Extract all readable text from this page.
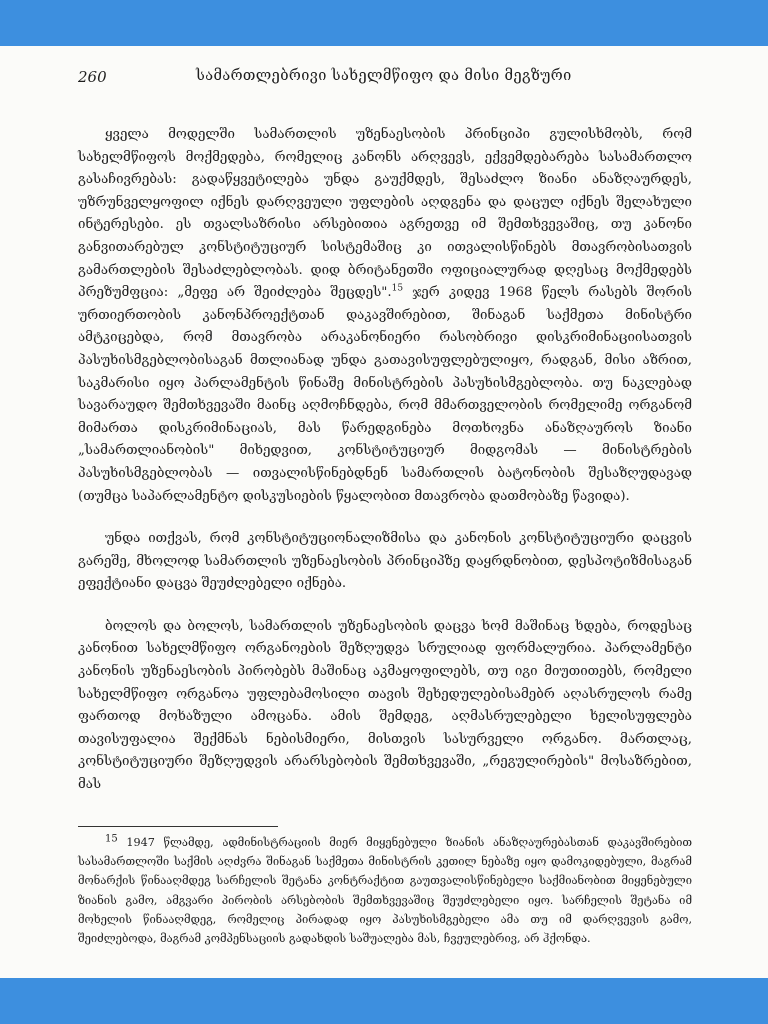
260	სამართლებრივი სახელმწიფო და მისი მეგზური

ყველა მოდელში სამართლის უზენაესობის პრინციპი გულისხმობს, რომ სახელმწიფოს მოქმედება, რომელიც კანონს არღვევს, ექვემდებარება სასამართლო გასაჩივრებას: გადაწყვეტილება უნდა გაუქმდეს, შესაძლო ზიანი ანაზღაურდეს, უზრუნველყოფილ იქნეს დარღვეული უფლების აღდგენა და დაცულ იქნეს შელახული ინტერესები. ეს თვალსაზრისი არსებითია აგრეთვე იმ შემთხვევაშიც, თუ კანონი განვითარებულ კონსტიტუციურ სისტემაშიც კი ითვალისწინებს მთავრობისათვის გამართლების შესაძლებლობას. დიდ ბრიტანეთში ოფიციალურად დღესაც მოქმედებს პრეზუმფცია: „მეფე არ შეიძლება შეცდეს".$^{15}$ ჯერ კიდევ 1968 წელს რასებს შორის ურთიერთობის კანონპროექტთან დაკავშირებით, შინაგან საქმეთა მინისტრი ამტკიცებდა, რომ მთავრობა არაკანონიერი რასობრივი დისკრიმინაციისათვის პასუხისმგებლობისაგან მთლიანად უნდა გათავისუფლებულიყო, რადგან, მისი აზრით, საკმარისი იყო პარლამენტის წინაშე მინისტრების პასუხისმგებლობა. თუ ნაკლებად სავარაუდო შემთხვევაში მაინც აღმოჩნდება, რომ მმართველობის რომელიმე ორგანომ მიმართა დისკრიმინაციას, მას წარედგინება მოთხოვნა ანაზღაუროს ზიანი „სამართლიანობის" მიხედვით, კონსტიტუციურ მიდგომას — მინისტრების პასუხისმგებლობას — ითვალისწინებდნენ სამართლის ბატონობის შესაზღუდავად (თუმცა საპარლამენტო დისკუსიების წყალობით მთავრობა დათმობაზე წავიდა).

უნდა ითქვას, რომ კონსტიტუციონალიზმისა და კანონის კონსტიტუციური დაცვის გარეშე, მხოლოდ სამართლის უზენაესობის პრინციპზე დაყრდნობით, დესპოტიზმისაგან ეფექტიანი დაცვა შეუძლებელი იქნება.

ბოლოს და ბოლოს, სამართლის უზენაესობის დაცვა ხომ მაშინაც ხდება, როდესაც კანონით სახელმწიფო ორგანოების შეზღუდვა სრულიად ფორმალურია. პარლამენტი კანონის უზენაესობის პირობებს მაშინაც აკმაყოფილებს, თუ იგი მიუთითებს, რომელი სახელმწიფო ორგანოა უფლებამოსილი თავის შეხედულებისამებრ აღასრულოს რამე ფართოდ მოხაზული ამოცანა. ამის შემდეგ, აღმასრულებელი ხელისუფლება თავისუფალია შექმნას ნებისმიერი, მისთვის სასურველი ორგანო. მართლაც, კონსტიტუციური შეზღუდვის არარსებობის შემთხვევაში, „რეგულირების" მოსაზრებით, მას

$^{15}$ 1947 წლამდე, ადმინისტრაციის მიერ მიყენებული ზიანის ანაზღაურებასთან დაკავშირებით სასამართლოში საქმის აღძვრა შინაგან საქმეთა მინისტრის კეთილ ნებაზე იყო დამოკიდებული, მაგრამ მონარქის წინააღმდეგ სარჩელის შეტანა კონტრაქტით გაუთვალისწინებელი საქმიანობით მიყენებული ზიანის გამო, ამგვარი პირობის არსებობის შემთხვევაშიც შეუძლებელი იყო. სარჩელის შეტანა იმ მოხელის წინააღმდეგ, რომელიც პირადად იყო პასუხისმგებელი ამა თუ იმ დარღვევის გამო, შეიძლებოდა, მაგრამ კომპენსაციის გადახდის საშუალება მას, ჩვეულებრივ, არ ჰქონდა.
